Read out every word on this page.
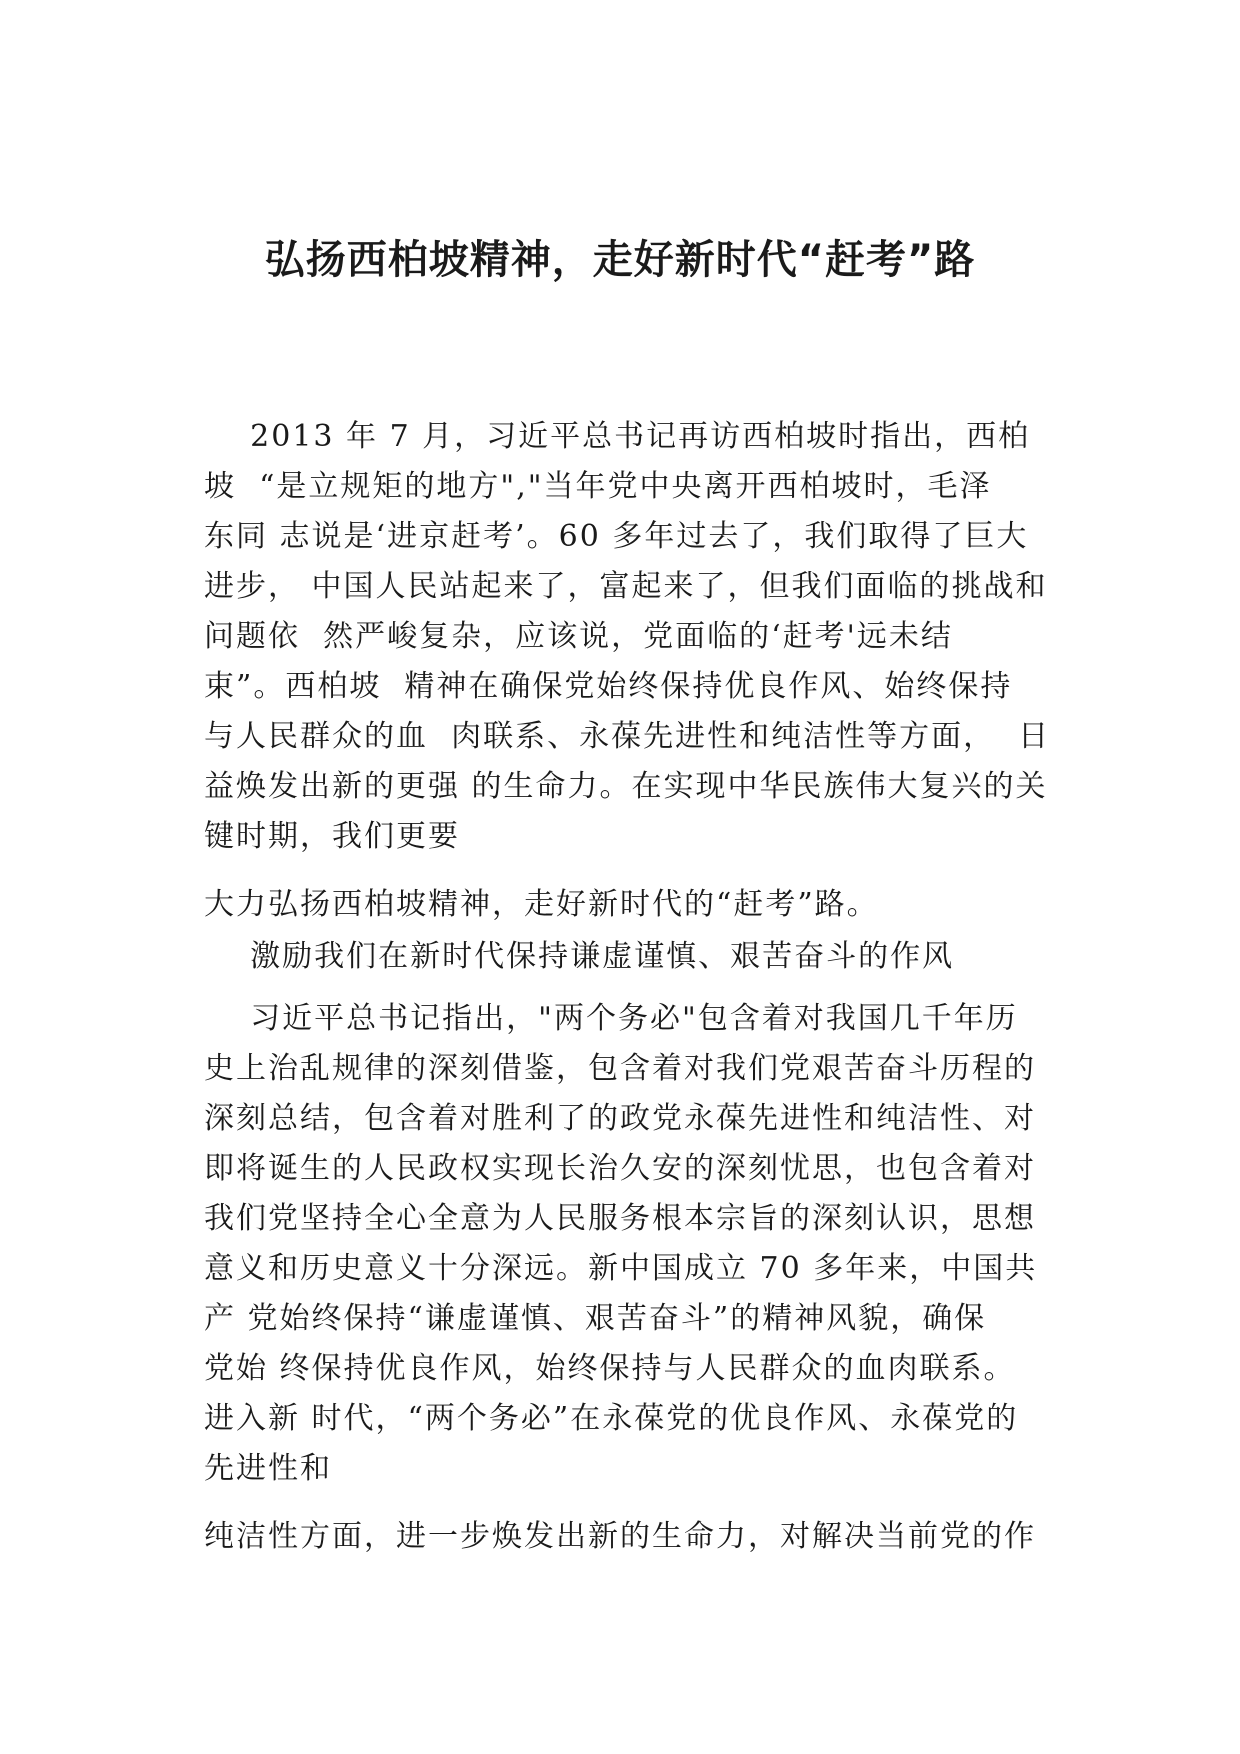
弘扬西柏坡精神，走好新时代“赶考”路
2013 年 7 月，习近平总书记再访西柏坡时指出，西柏
坡  “是立规矩的地方","当年党中央离开西柏坡时，毛泽
东同 志说是‘进京赶考’。60 多年过去了，我们取得了巨大
进步， 中国人民站起来了，富起来了，但我们面临的挑战和
问题依  然严峻复杂，应该说，党面临的‘赶考'远未结
束”。西柏坡  精神在确保党始终保持优良作风、始终保持
与人民群众的血  肉联系、永葆先进性和纯洁性等方面，  日
益焕发出新的更强 的生命力。在实现中华民族伟大复兴的关
键时期，我们更要
大力弘扬西柏坡精神，走好新时代的“赶考”路。
激励我们在新时代保持谦虚谨慎、艰苦奋斗的作风
习近平总书记指出，"两个务必"包含着对我国几千年历
史上治乱规律的深刻借鉴，包含着对我们党艰苦奋斗历程的
深刻总结，包含着对胜利了的政党永葆先进性和纯洁性、对
即将诞生的人民政权实现长治久安的深刻忧思，也包含着对
我们党坚持全心全意为人民服务根本宗旨的深刻认识，思想
意义和历史意义十分深远。新中国成立 70 多年来，中国共
产 党始终保持“谦虚谨慎、艰苦奋斗”的精神风貌，确保
党始 终保持优良作风，始终保持与人民群众的血肉联系。
进入新 时代，“两个务必”在永葆党的优良作风、永葆党的
先进性和
纯洁性方面，进一步焕发出新的生命力，对解决当前党的作
